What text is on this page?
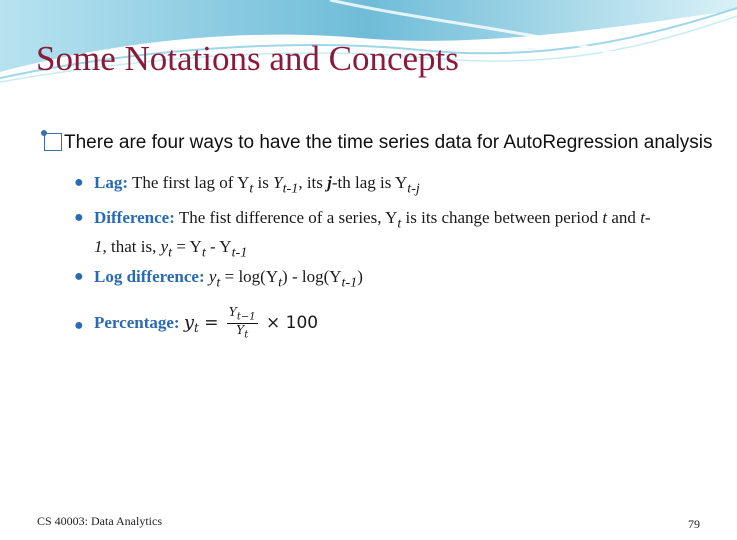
Some Notations and Concepts
There are four ways to have the time series data for AutoRegression analysis
● Lag: The first lag of $Y_t$ is $Y_{t-1}$, its j-th lag is $Y_{t-j}$
● Difference: The fist difference of a series, $Y_t$ is its change between period t and t-
1, that is, $y_t = Y_t - Y_{t-1}$
● Log difference: $y_t = \log(Y_t) - \log(Y_{t-1})$
● Percentage: $y_t = \frac{Y_{t-1}}{Y_t} \times 100$
CS 40003: Data Analytics	79
